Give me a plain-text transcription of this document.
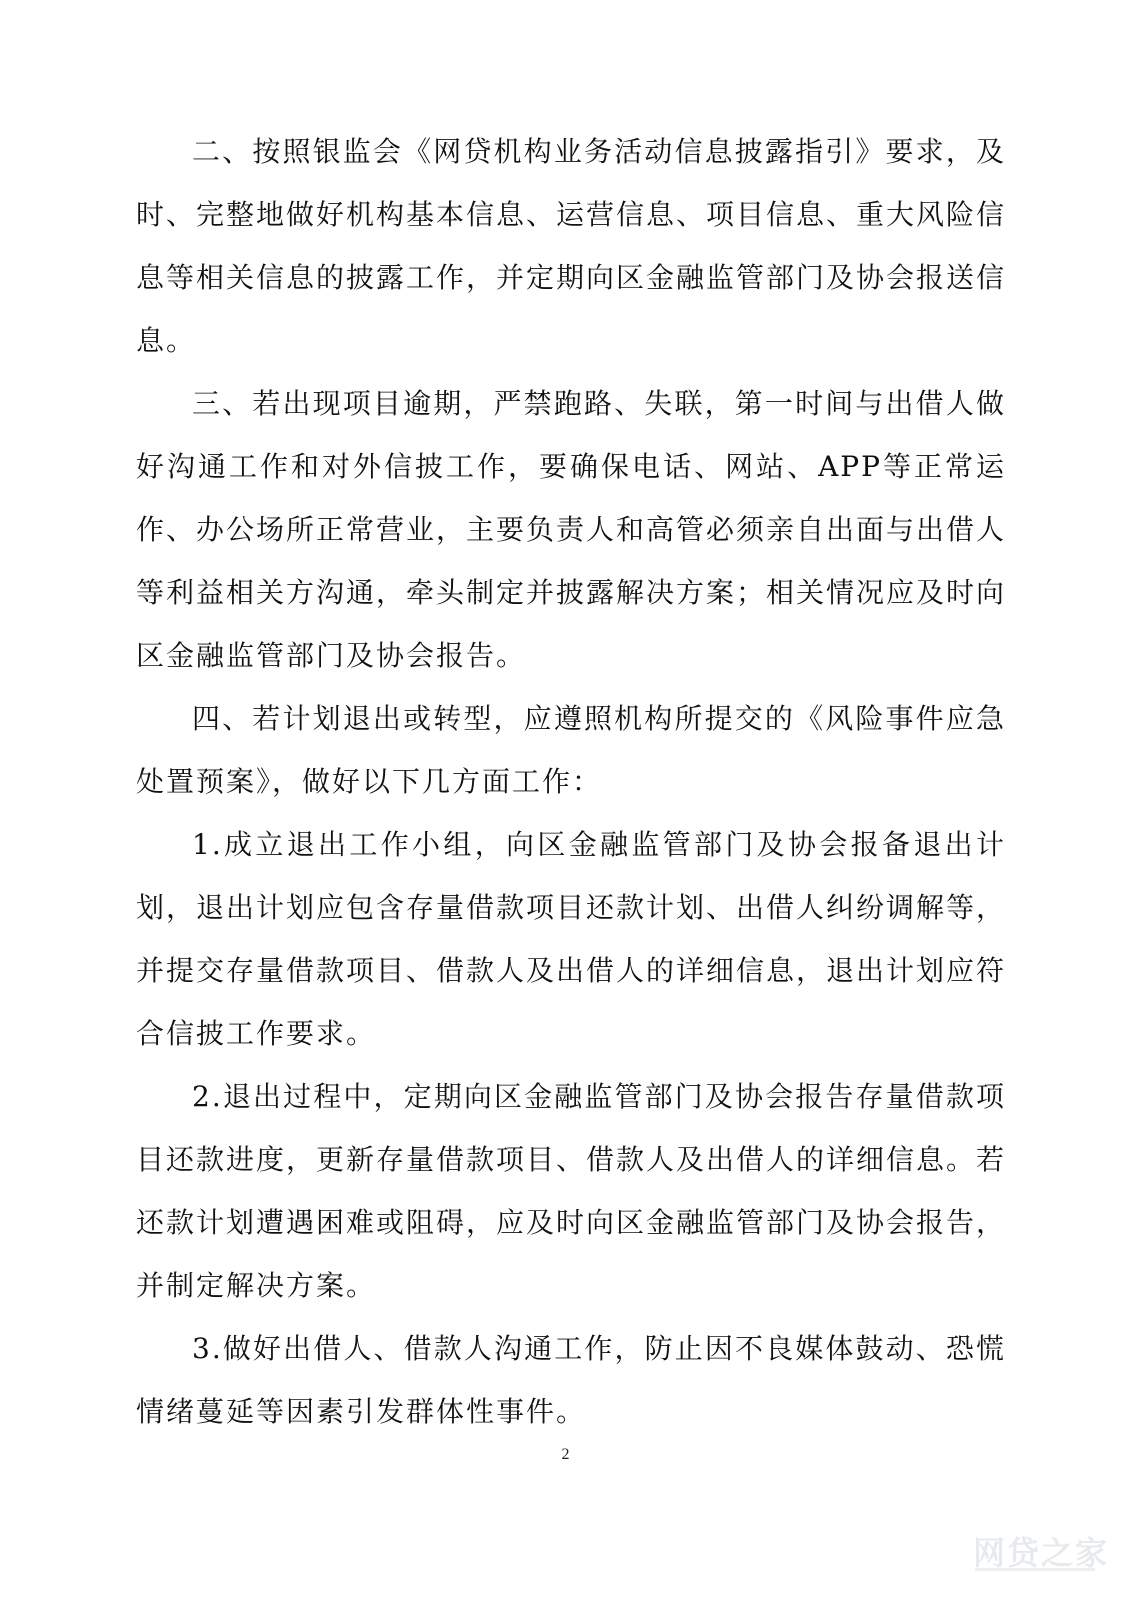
二、按照银监会《网贷机构业务活动信息披露指引》要求，及时、完整地做好机构基本信息、运营信息、项目信息、重大风险信息等相关信息的披露工作，并定期向区金融监管部门及协会报送信息。

三、若出现项目逾期，严禁跑路、失联，第一时间与出借人做好沟通工作和对外信披工作，要确保电话、网站、APP等正常运作、办公场所正常营业，主要负责人和高管必须亲自出面与出借人等利益相关方沟通，牵头制定并披露解决方案；相关情况应及时向区金融监管部门及协会报告。

四、若计划退出或转型，应遵照机构所提交的《风险事件应急处置预案》，做好以下几方面工作：

1.成立退出工作小组，向区金融监管部门及协会报备退出计划，退出计划应包含存量借款项目还款计划、出借人纠纷调解等，并提交存量借款项目、借款人及出借人的详细信息，退出计划应符合信披工作要求。

2.退出过程中，定期向区金融监管部门及协会报告存量借款项目还款进度，更新存量借款项目、借款人及出借人的详细信息。若还款计划遭遇困难或阻碍，应及时向区金融监管部门及协会报告，并制定解决方案。

3.做好出借人、借款人沟通工作，防止因不良媒体鼓动、恐慌情绪蔓延等因素引发群体性事件。

2
网贷之家
